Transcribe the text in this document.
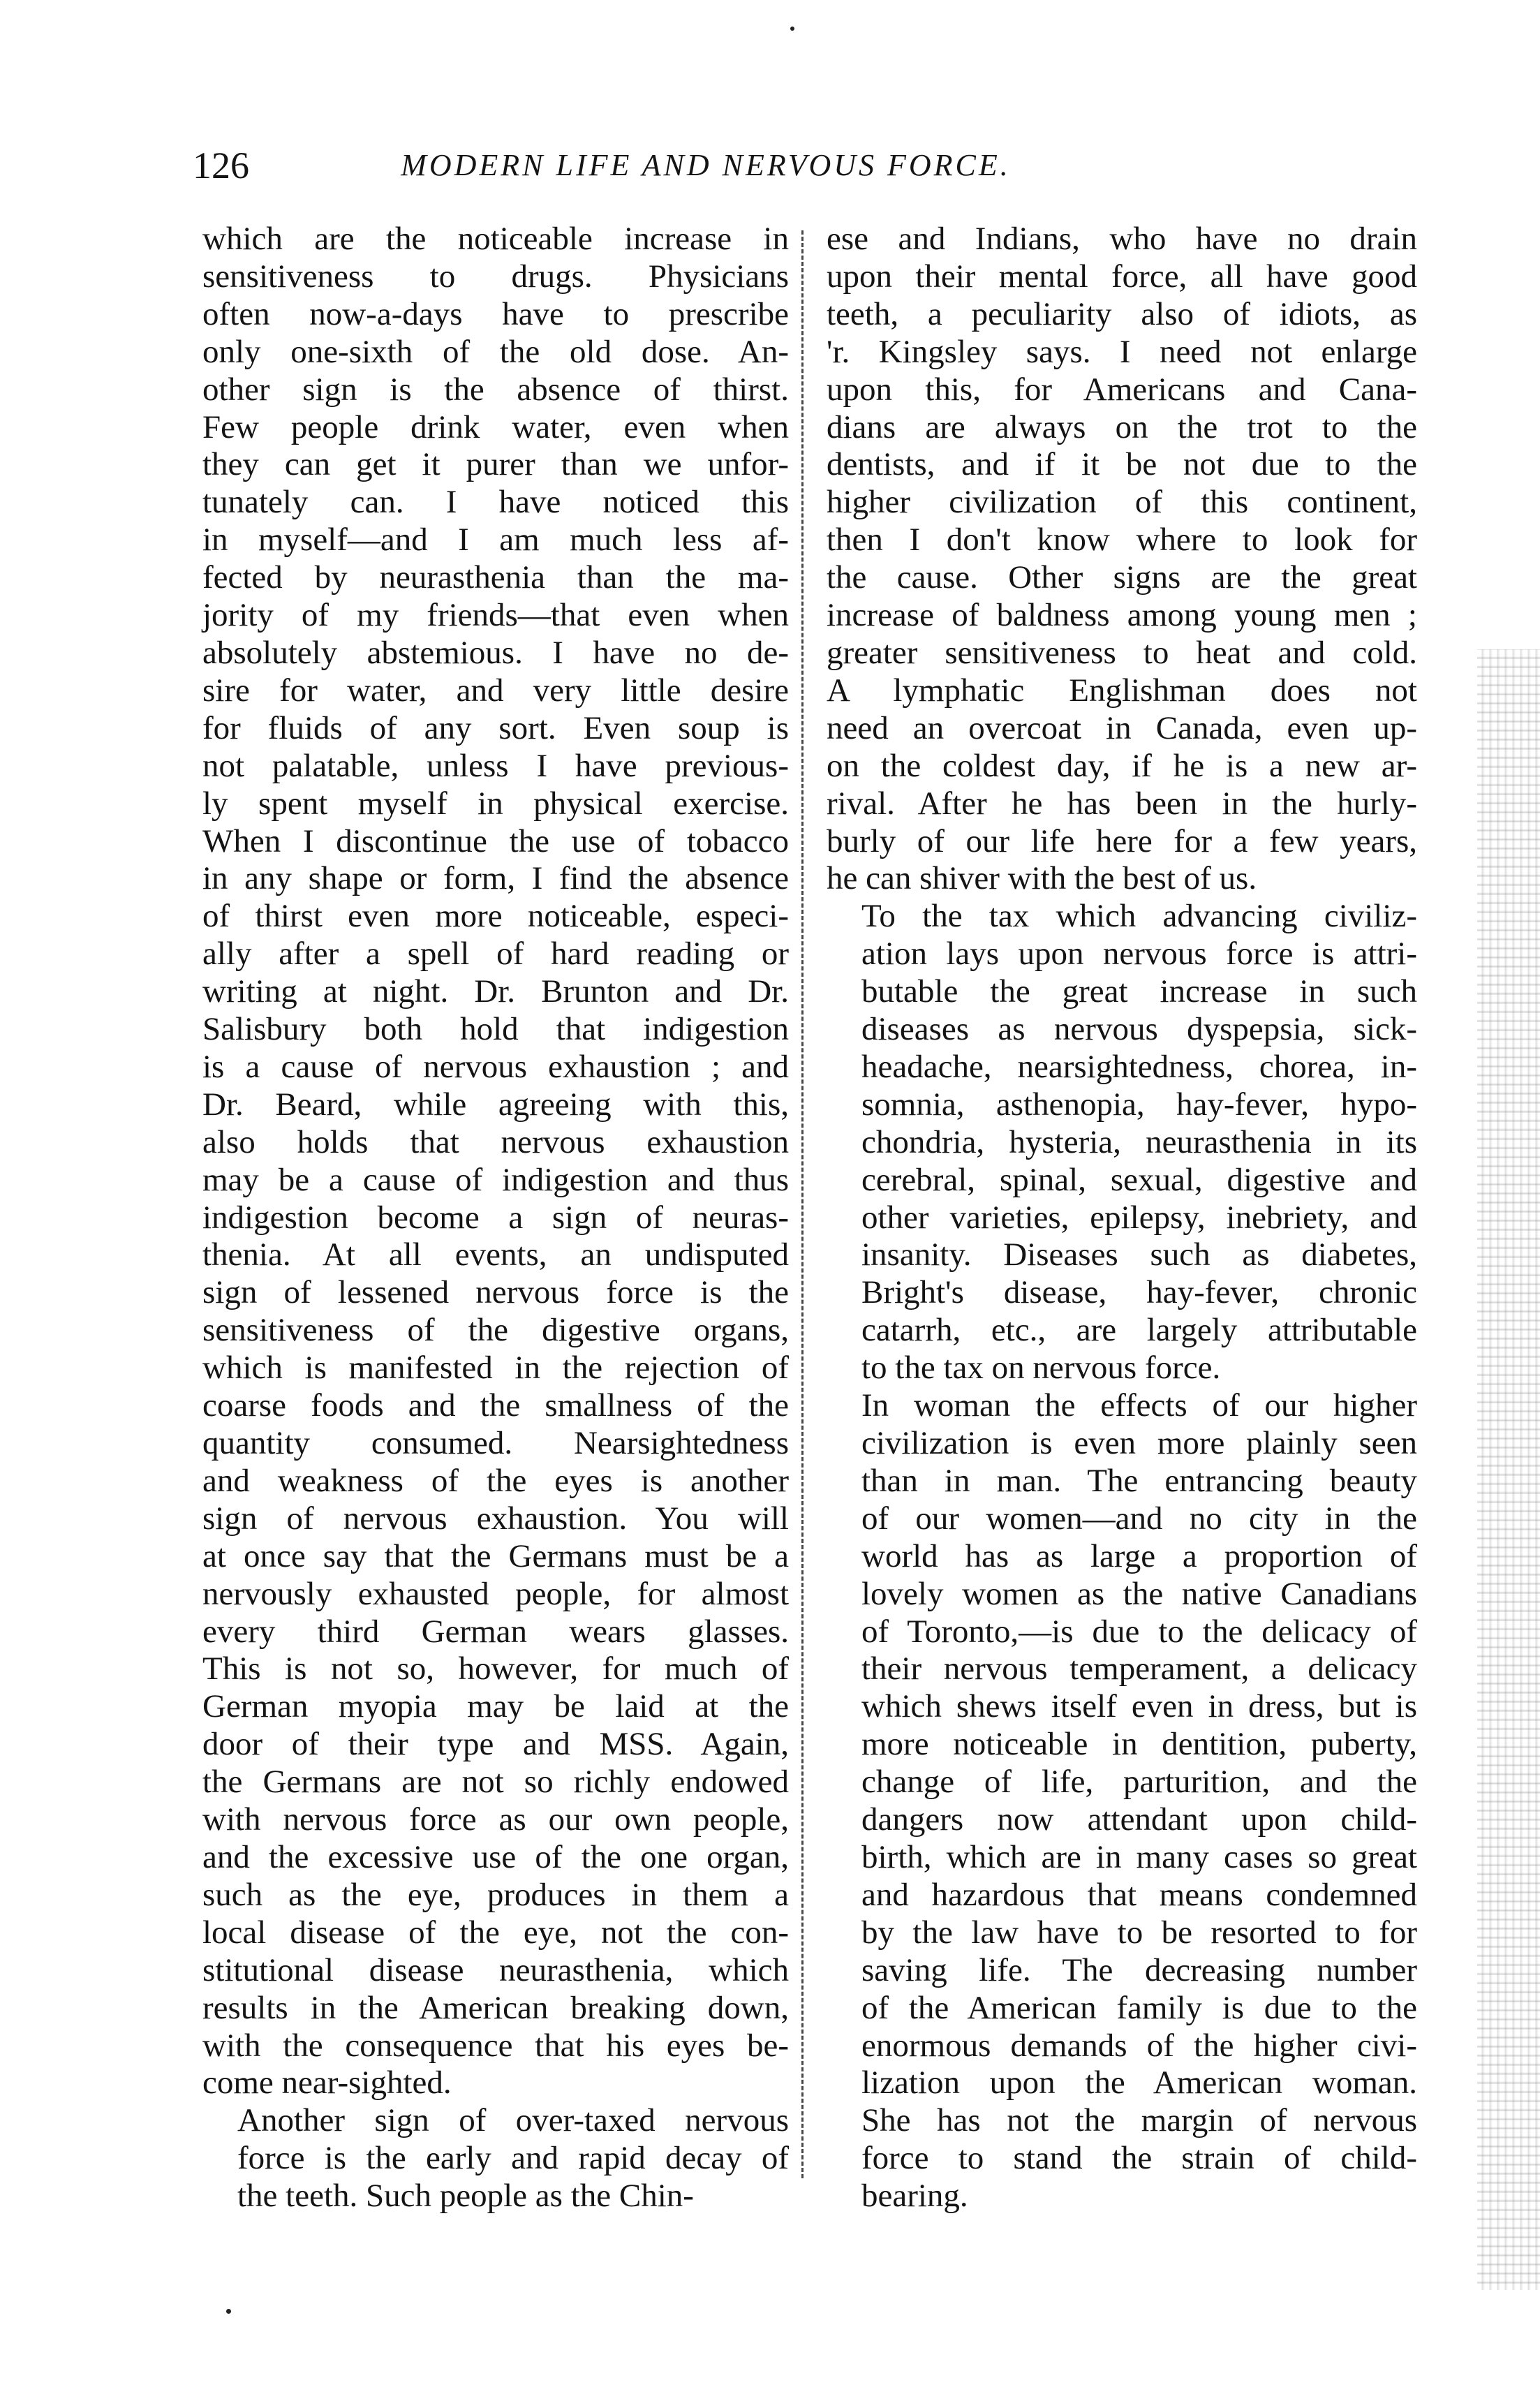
126	MODERN LIFE AND NERVOUS FORCE.

which are the noticeable increase in
sensitiveness to drugs. Physicians
often now-a-days have to prescribe
only one-sixth of the old dose. An-
other sign is the absence of thirst.
Few people drink water, even when
they can get it purer than we unfor-
tunately can. I have noticed this
in myself—and I am much less af-
fected by neurasthenia than the ma-
jority of my friends—that even when
absolutely abstemious. I have no de-
sire for water, and very little desire
for fluids of any sort. Even soup is
not palatable, unless I have previous-
ly spent myself in physical exercise.
When I discontinue the use of tobacco
in any shape or form, I find the absence
of thirst even more noticeable, especi-
ally after a spell of hard reading or
writing at night. Dr. Brunton and Dr.
Salisbury both hold that indigestion
is a cause of nervous exhaustion ; and
Dr. Beard, while agreeing with this,
also holds that nervous exhaustion
may be a cause of indigestion and thus
indigestion become a sign of neuras-
thenia. At all events, an undisputed
sign of lessened nervous force is the
sensitiveness of the digestive organs,
which is manifested in the rejection of
coarse foods and the smallness of the
quantity consumed. Nearsightedness
and weakness of the eyes is another
sign of nervous exhaustion. You will
at once say that the Germans must be a
nervously exhausted people, for almost
every third German wears glasses.
This is not so, however, for much of
German myopia may be laid at the
door of their type and MSS. Again,
the Germans are not so richly endowed
with nervous force as our own people,
and the excessive use of the one organ,
such as the eye, produces in them a
local disease of the eye, not the con-
stitutional disease neurasthenia, which
results in the American breaking down,
with the consequence that his eyes be-
come near-sighted.

Another sign of over-taxed nervous
force is the early and rapid decay of
the teeth. Such people as the Chin-

ese and Indians, who have no drain
upon their mental force, all have good
teeth, a peculiarity also of idiots, as
'r. Kingsley says. I need not enlarge
upon this, for Americans and Cana-
dians are always on the trot to the
dentists, and if it be not due to the
higher civilization of this continent,
then I don't know where to look for
the cause. Other signs are the great
increase of baldness among young men ;
greater sensitiveness to heat and cold.
A lymphatic Englishman does not
need an overcoat in Canada, even up-
on the coldest day, if he is a new ar-
rival. After he has been in the hurly-
burly of our life here for a few years,
he can shiver with the best of us.

To the tax which advancing civiliz-
ation lays upon nervous force is attri-
butable the great increase in such
diseases as nervous dyspepsia, sick-
headache, nearsightedness, chorea, in-
somnia, asthenopia, hay-fever, hypo-
chondria, hysteria, neurasthenia in its
cerebral, spinal, sexual, digestive and
other varieties, epilepsy, inebriety, and
insanity. Diseases such as diabetes,
Bright's disease, hay-fever, chronic
catarrh, etc., are largely attributable
to the tax on nervous force.

In woman the effects of our higher
civilization is even more plainly seen
than in man. The entrancing beauty
of our women—and no city in the
world has as large a proportion of
lovely women as the native Canadians
of Toronto,—is due to the delicacy of
their nervous temperament, a delicacy
which shews itself even in dress, but is
more noticeable in dentition, puberty,
change of life, parturition, and the
dangers now attendant upon child-
birth, which are in many cases so great
and hazardous that means condemned
by the law have to be resorted to for
saving life. The decreasing number
of the American family is due to the
enormous demands of the higher civi-
lization upon the American woman.
She has not the margin of nervous
force to stand the strain of child-
bearing.
